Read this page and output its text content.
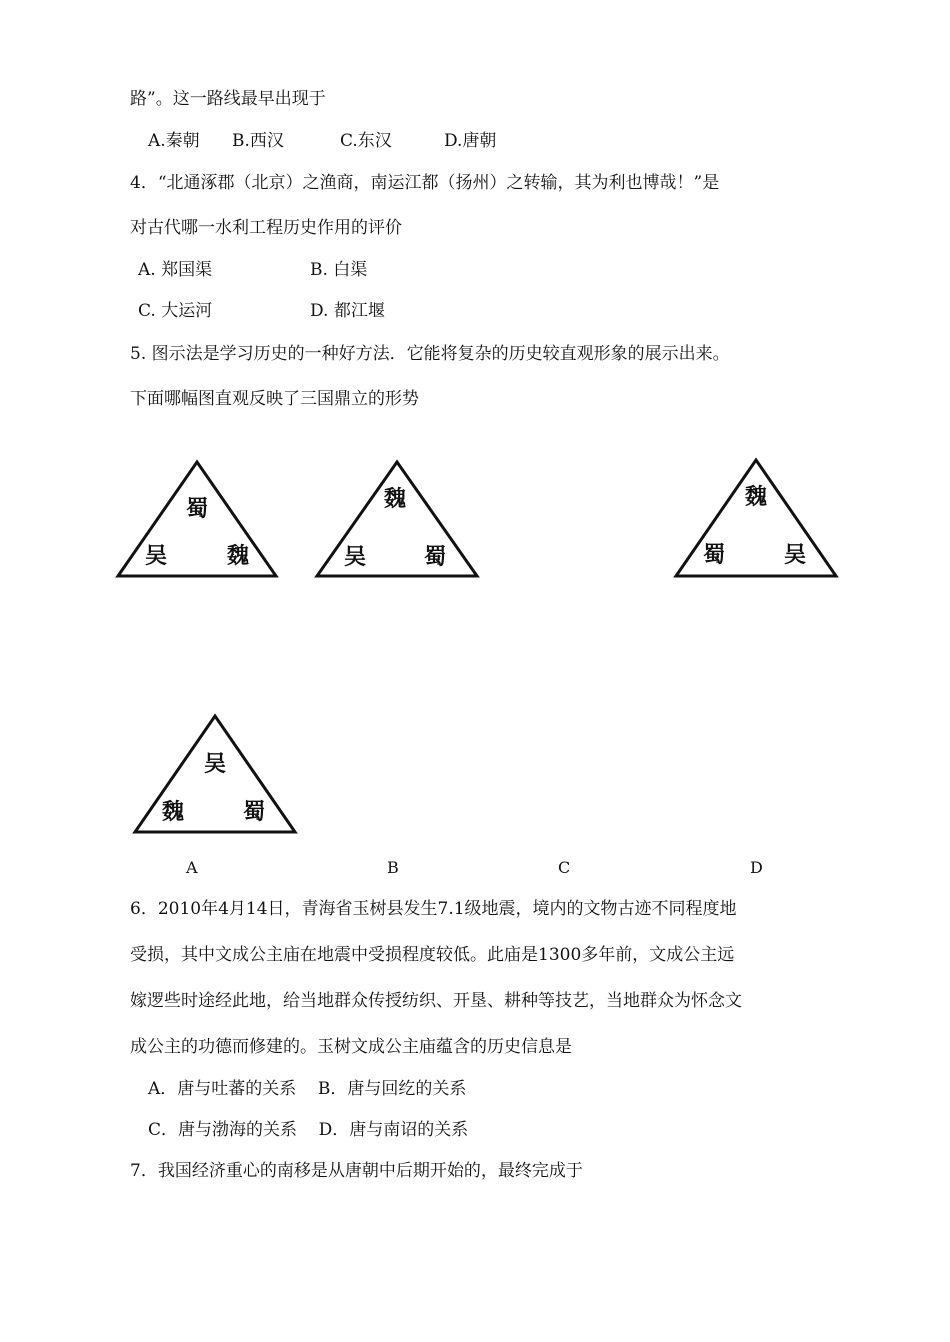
路”。这一路线最早出现于
A.秦朝 B.西汉	C.东汉	D.唐朝
4．“北通涿郡（北京）之渔商，南运江都（扬州）之转输，其为利也博哉！”是
对古代哪一水利工程历史作用的评价
A. 郑国渠	B. 白渠
C. 大运河	D. 都江堰
5. 图示法是学习历史的一种好方法．它能将复杂的历史较直观形象的展示出来。
下面哪幅图直观反映了三国鼎立的形势
蜀
吴	魏
魏
吴	蜀
魏
蜀	吴
吴
魏	蜀
A	B	C	D
6．2010年4月14日，青海省玉树县发生7.1级地震，境内的文物古迹不同程度地
受损，其中文成公主庙在地震中受损程度较低。此庙是1300多年前，文成公主远
嫁逻些时途经此地，给当地群众传授纺织、开垦、耕种等技艺，当地群众为怀念文
成公主的功德而修建的。玉树文成公主庙蕴含的历史信息是
A．唐与吐蕃的关系    B．唐与回纥的关系
C．唐与渤海的关系    D．唐与南诏的关系
7．我国经济重心的南移是从唐朝中后期开始的，最终完成于
